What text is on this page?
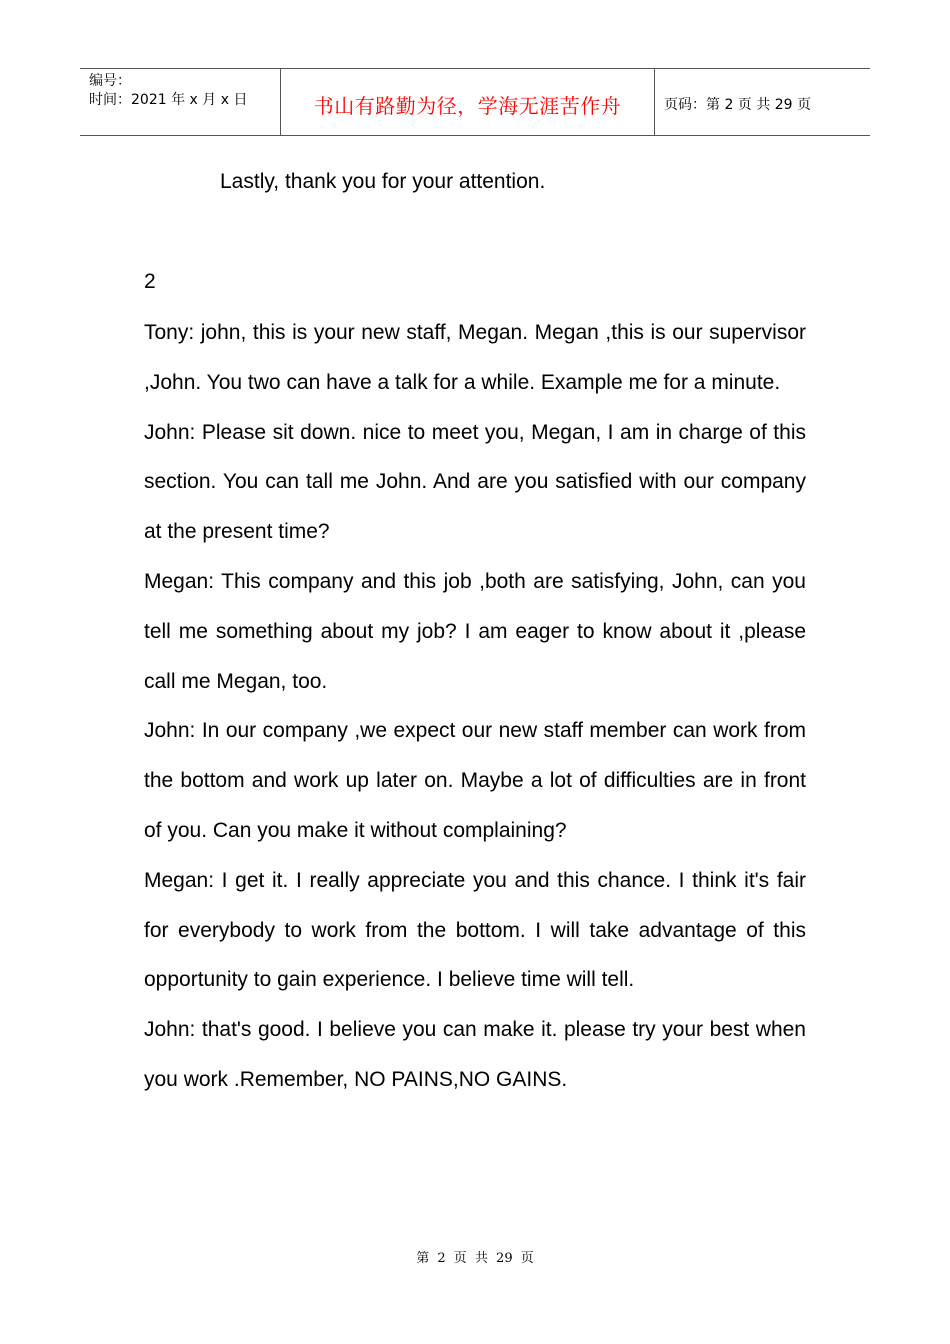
编号：
时间：2021 年 x 月 x 日	书山有路勤为径，学海无涯苦作舟	页码：第 2 页 共 29 页
Lastly, thank you for your attention.
2

Tony: john, this is your new staff, Megan. Megan ,this is our supervisor ,John. You two can have a talk for a while. Example me for a minute.

John: Please sit down. nice to meet you, Megan, I am in charge of this section. You can tall me John. And are you satisfied with our company at the present time?

Megan: This company and this job ,both are satisfying, John, can you tell me something about my job? I am eager to know about it ,please call me Megan, too.

John: In our company ,we expect our new staff member can work from the bottom and work up later on. Maybe a lot of difficulties are in front of you. Can you make it without complaining?

Megan: I get it. I really appreciate you and this chance. I think it's fair for everybody to work from the bottom. I will take advantage of this opportunity to gain experience. I believe time will tell.

John: that's good. I believe you can make it. please try your best when you work .Remember, NO PAINS,NO GAINS.

第 2 页 共 29 页
